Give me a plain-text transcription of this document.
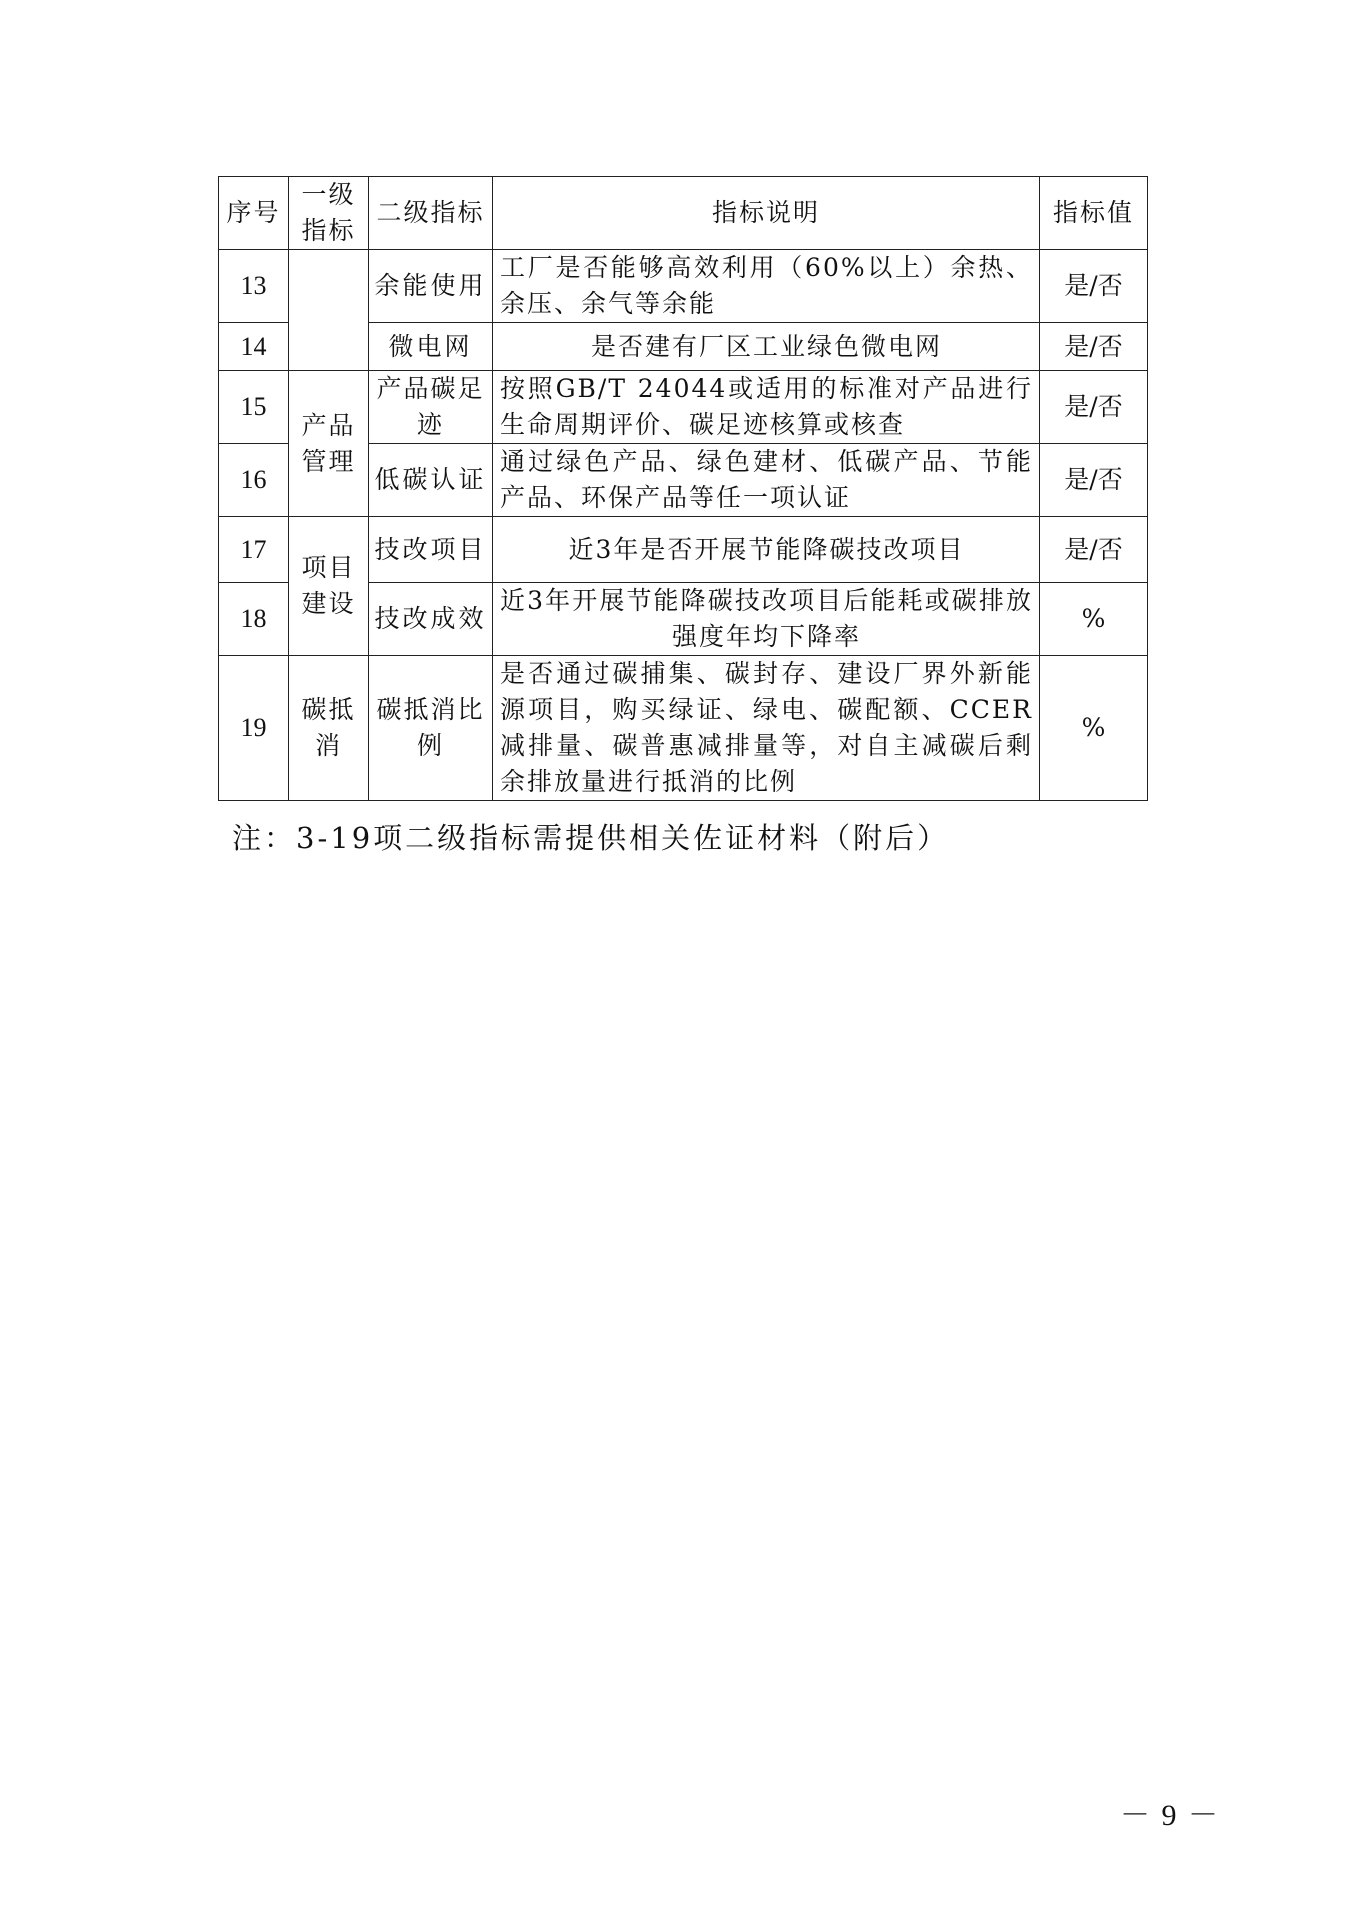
序号	一级指标	二级指标	指标说明	指标值

13		余能使用	工厂是否能够高效利用（60%以上）余热、余压、余气等余能	是/否
14		微电网	是否建有厂区工业绿色微电网	是/否
15	产品管理	产品碳足迹	按照GB/T 24044或适用的标准对产品进行生命周期评价、碳足迹核算或核查	是/否
16		低碳认证	通过绿色产品、绿色建材、低碳产品、节能产品、环保产品等任一项认证	是/否
17	项目建设	技改项目	近3年是否开展节能降碳技改项目	是/否
18		技改成效	近3年开展节能降碳技改项目后能耗或碳排放强度年均下降率	%
19	碳抵消	碳抵消比例	是否通过碳捕集、碳封存、建设厂界外新能源项目，购买绿证、绿电、碳配额、CCER减排量、碳普惠减排量等，对自主减碳后剩余排放量进行抵消的比例	%
注：3-19项二级指标需提供相关佐证材料（附后）
－ 9 －
